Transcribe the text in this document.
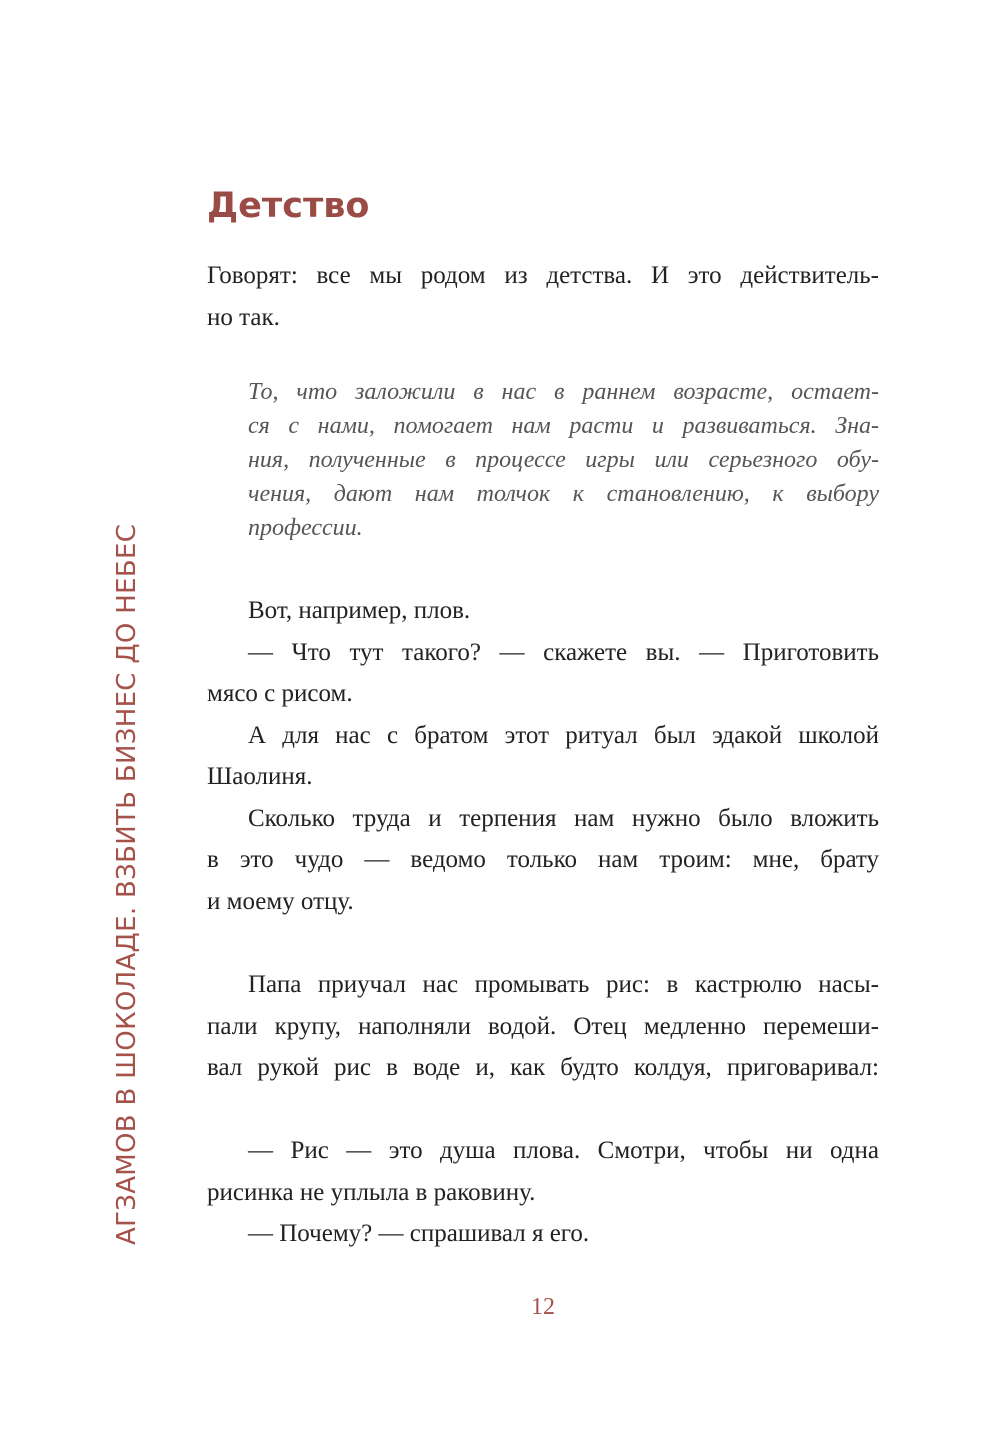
Детство
Говорят: все мы родом из детства. И это действитель-
но так.
То, что заложили в нас в раннем возрасте, остает-
ся с нами, помогает нам расти и развиваться. Зна-
ния, полученные в процессе игры или серьезного обу-
чения, дают нам толчок к становлению, к выбору
профессии.
Вот, например, плов.
— Что тут такого? — скажете вы. — Приготовить
мясо с рисом.
А для нас с братом этот ритуал был эдакой школой
Шаолиня.
Сколько труда и терпения нам нужно было вложить
в это чудо — ведомо только нам троим: мне, брату
и моему отцу.
Папа приучал нас промывать рис: в кастрюлю насы-
пали крупу, наполняли водой. Отец медленно перемеши-
вал рукой рис в воде и, как будто колдуя, приговаривал:
— Рис — это душа плова. Смотри, чтобы ни одна
рисинка не уплыла в раковину.
— Почему? — спрашивал я его.
АГЗАМОВ В ШОКОЛАДЕ. ВЗБИТЬ БИЗНЕС ДО НЕБЕС
12
